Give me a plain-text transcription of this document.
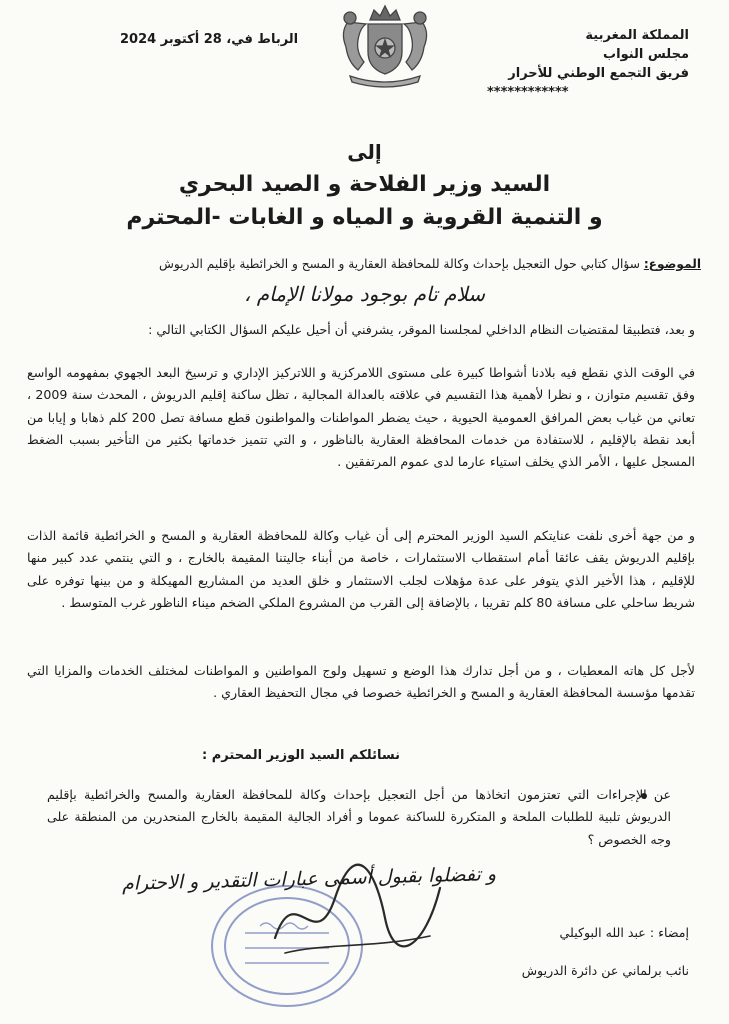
المملكة المغربية
مجلس النواب
فريق التجمع الوطني للأحرار
************
الرباط في، 28 أكتوبر 2024
إلى
السيد وزير الفلاحة و الصيد البحري
و التنمية القروية و المياه و الغابات -المحترم
الموضوع: سؤال كتابي حول التعجيل بإحداث وكالة للمحافظة العقارية و المسح و الخرائطية بإقليم الدريوش
سلام تام بوجود مولانا الإمام ،
و بعد، فتطبيقا لمقتضيات النظام الداخلي لمجلسنا الموقر، يشرفني أن أحيل عليكم السؤال الكتابي التالي :
في الوقت الذي نقطع فيه بلادنا أشواطا كبيرة على مستوى اللامركزية و اللاتركيز الإداري و ترسيخ البعد الجهوي بمفهومه الواسع وفق تقسيم متوازن ، و نظرا لأهمية هذا التقسيم في علاقته بالعدالة المجالية ، تظل ساكنة إقليم الدريوش ، المحدث سنة 2009 ، تعاني من غياب بعض المرافق العمومية الحيوية ، حيث يضطر المواطنات والمواطنون قطع مسافة تصل 200 كلم ذهابا و إيابا من أبعد نقطة بالإقليم ، للاستفادة من خدمات المحافظة العقارية بالناظور ، و التي تتميز خدماتها بكثير من التأخير بسبب الضغط المسجل عليها ، الأمر الذي يخلف استياء عارما لدى عموم المرتفقين .
و من جهة أخرى نلفت عنايتكم السيد الوزير المحترم إلى أن غياب وكالة للمحافظة العقارية و المسح و الخرائطية قائمة الذات بإقليم الدريوش يقف عائقا أمام استقطاب الاستثمارات ، خاصة من أبناء جاليتنا المقيمة بالخارج ، و التي ينتمي عدد كبير منها للإقليم ، هذا الأخير الذي يتوفر على عدة مؤهلات لجلب الاستثمار و خلق العديد من المشاريع المهيكلة و من بينها توفره على شريط ساحلي على مسافة 80 كلم تقريبا ، بالإضافة إلى القرب من المشروع الملكي الضخم ميناء الناظور غرب المتوسط .
لأجل كل هاته المعطيات ، و من أجل تدارك هذا الوضع و تسهيل ولوج المواطنين و المواطنات لمختلف الخدمات والمزايا التي تقدمها مؤسسة المحافظة العقارية و المسح و الخرائطية خصوصا في مجال التحفيظ العقاري .
نسائلكم السيد الوزير المحترم :
عن الإجراءات التي تعتزمون اتخاذها من أجل التعجيل بإحداث وكالة للمحافظة العقارية والمسح والخرائطية بإقليم الدريوش تلبية للطلبات الملحة و المتكررة للساكنة عموما و أفراد الجالية المقيمة بالخارج المنحدرين من المنطقة على وجه الخصوص ؟
و تفضلوا بقبول أسمى عبارات التقدير و الاحترام
إمضاء : عبد الله البوكيلي
نائب برلماني عن دائرة الدريوش
